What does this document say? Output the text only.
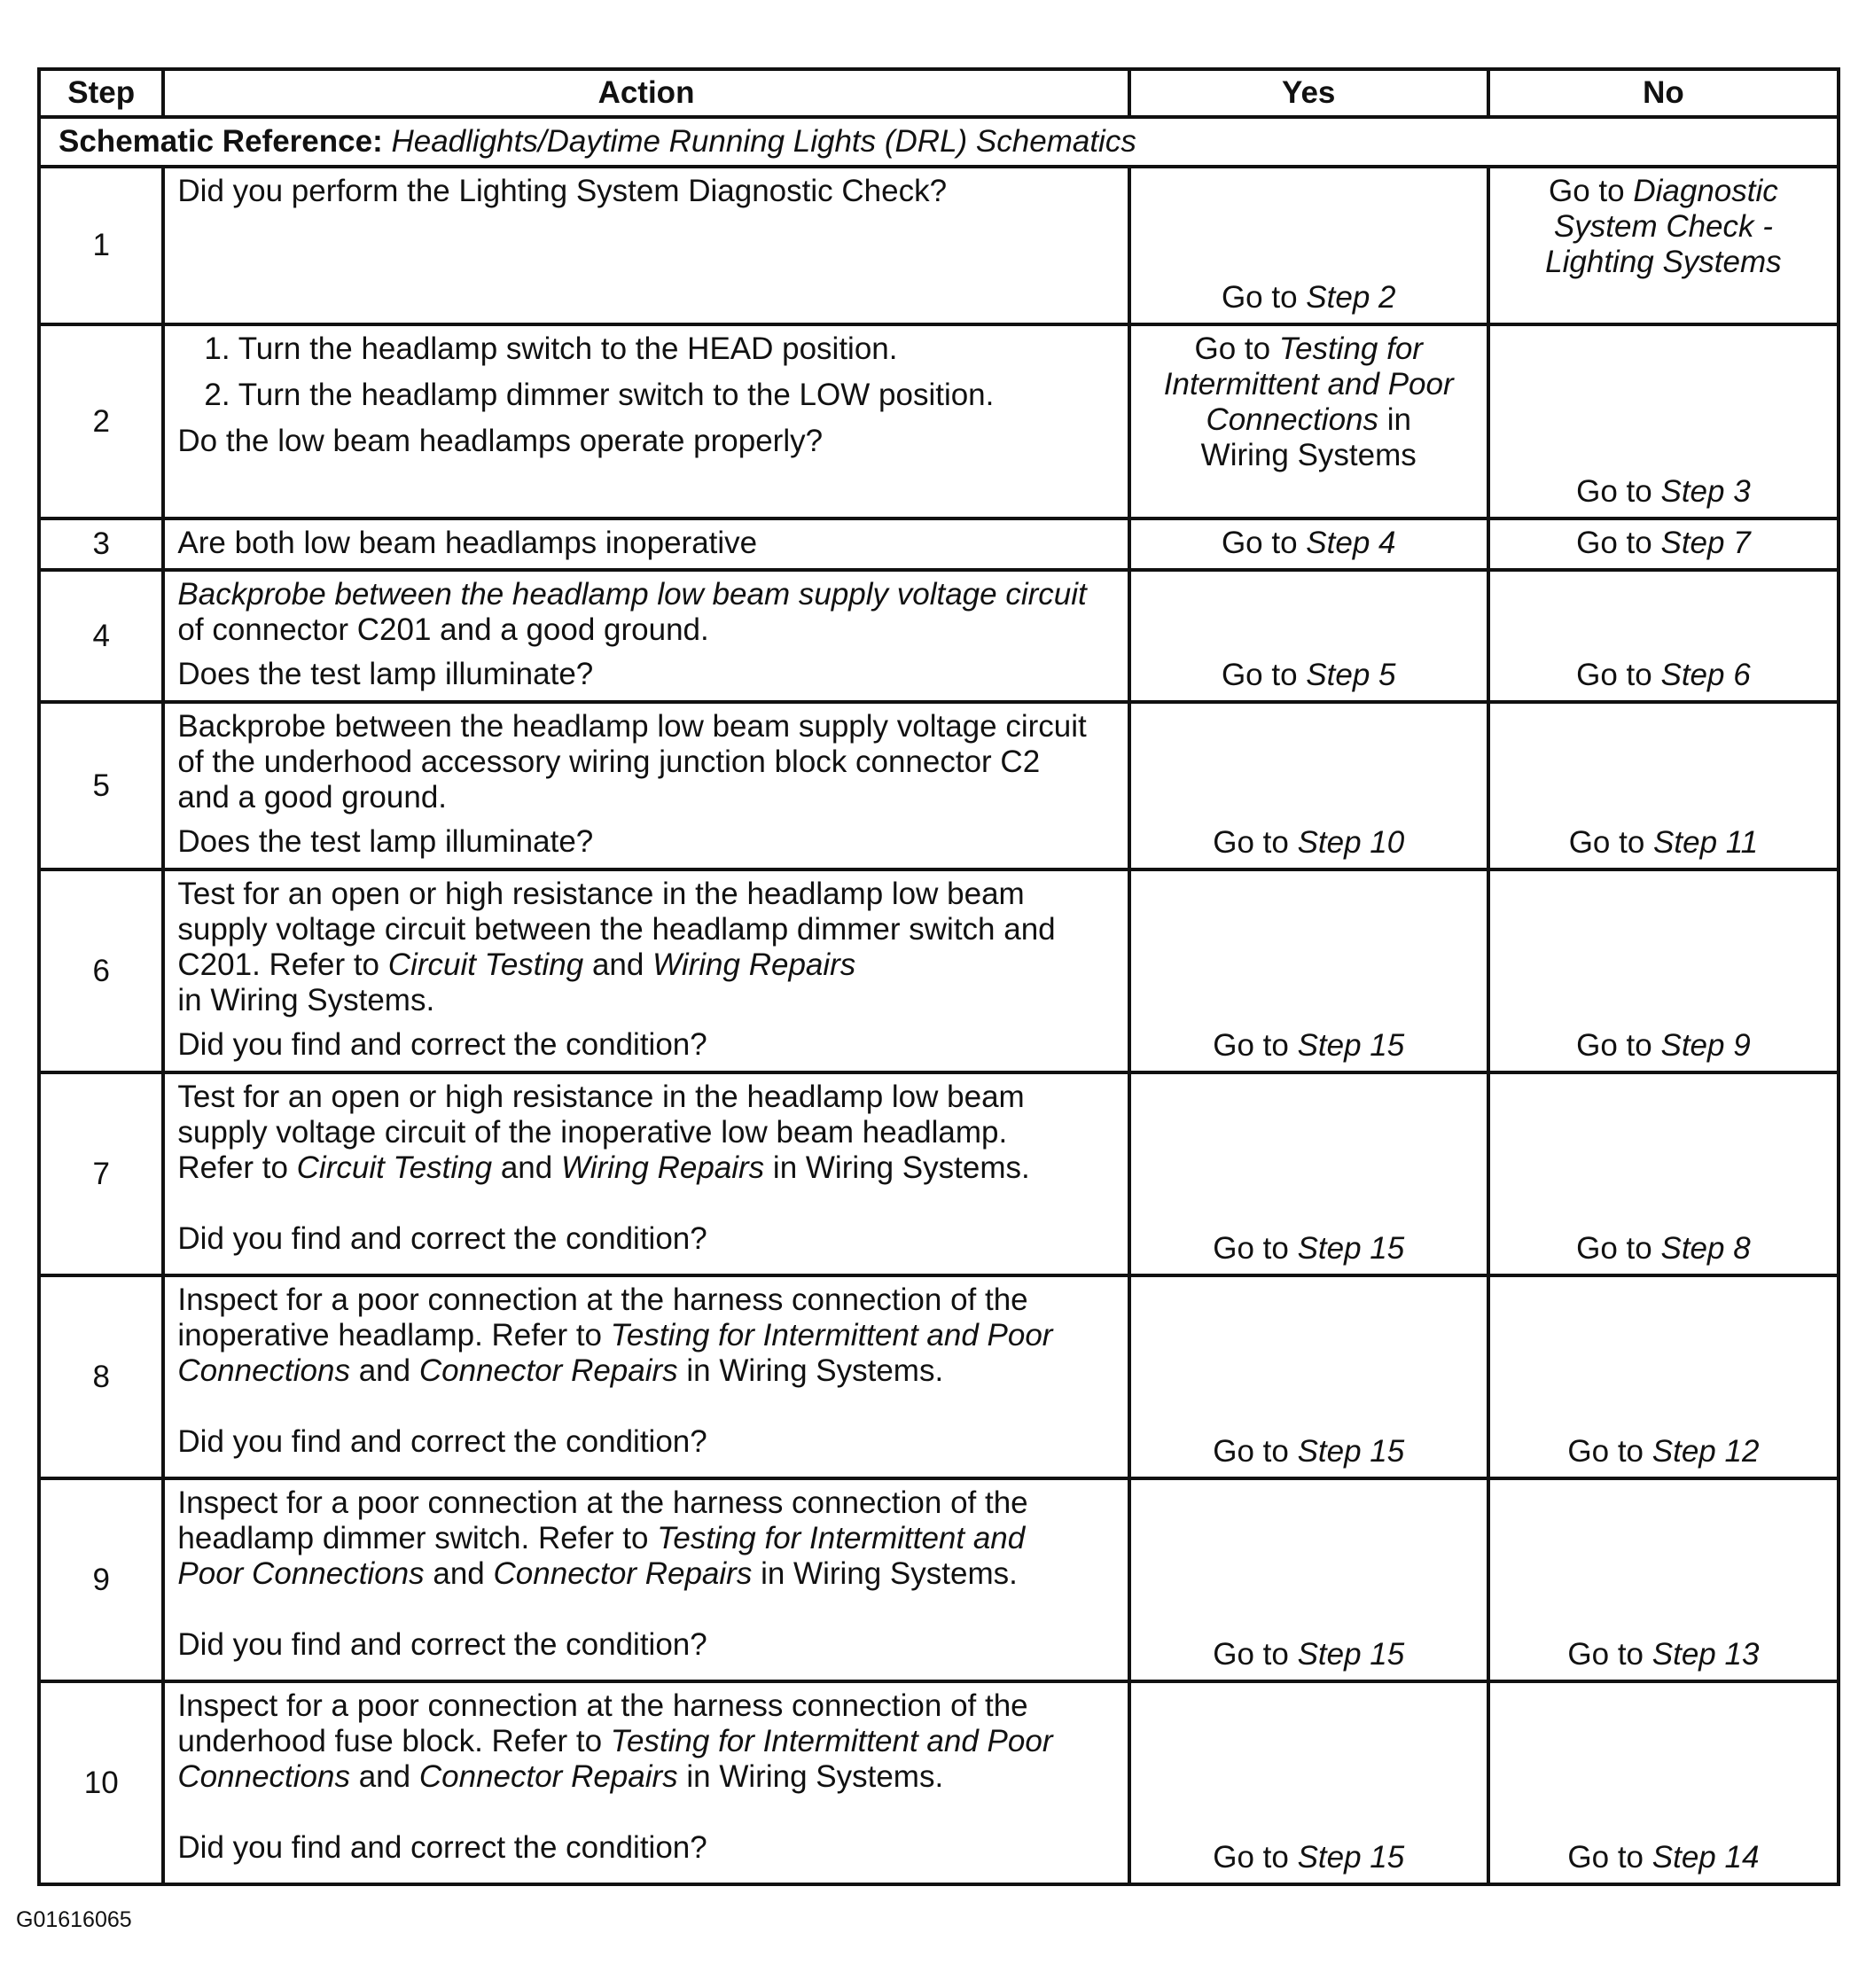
Step	Action	Yes	No
Schematic Reference: Headlights/Daytime Running Lights (DRL) Schematics			
1	Did you perform the Lighting System Diagnostic Check?	Go to Step 2	Go to Diagnostic
System Check -
Lighting Systems

2	1. Turn the headlamp switch to the HEAD position.
2. Turn the headlamp dimmer switch to the LOW position.
Do the low beam headlamps operate properly?	Go to Testing for
Intermittent and Poor
Connections in
Wiring Systems	Go to Step 3
3	Are both low beam headlamps inoperative	Go to Step 4	Go to Step 7
4	Backprobe between the headlamp low beam supply voltage circuit
of connector C201 and a good ground.
Does the test lamp illuminate?	Go to Step 5	Go to Step 6
5	Backprobe between the headlamp low beam supply voltage circuit
of the underhood accessory wiring junction block connector C2
and a good ground.
Does the test lamp illuminate?	Go to Step 10	Go to Step 11
6	Test for an open or high resistance in the headlamp low beam
supply voltage circuit between the headlamp dimmer switch and
C201. Refer to Circuit Testing and Wiring Repairs
in Wiring Systems.
Did you find and correct the condition?	Go to Step 15	Go to Step 9
7	Test for an open or high resistance in the headlamp low beam
supply voltage circuit of the inoperative low beam headlamp.
Refer to Circuit Testing and Wiring Repairs in Wiring Systems.
Did you find and correct the condition?	Go to Step 15	Go to Step 8
8	Inspect for a poor connection at the harness connection of the
inoperative headlamp. Refer to Testing for Intermittent and Poor
Connections and Connector Repairs in Wiring Systems.
Did you find and correct the condition?	Go to Step 15	Go to Step 12
9	Inspect for a poor connection at the harness connection of the
headlamp dimmer switch. Refer to Testing for Intermittent and
Poor Connections and Connector Repairs in Wiring Systems.
Did you find and correct the condition?	Go to Step 15	Go to Step 13
10	Inspect for a poor connection at the harness connection of the
underhood fuse block. Refer to Testing for Intermittent and Poor
Connections and Connector Repairs in Wiring Systems.
Did you find and correct the condition?	Go to Step 15	Go to Step 14
G01616065
